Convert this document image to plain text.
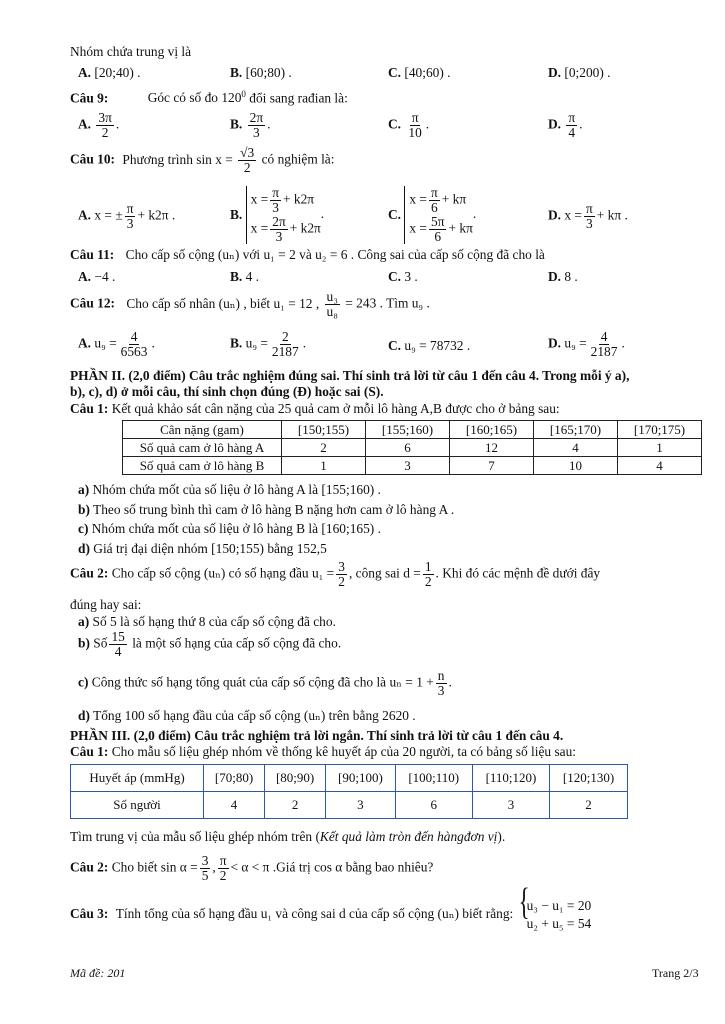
Nhóm chứa trung vị là
A. [20;40) .	B. [60;80) .	C. [40;60) .	D. [0;200) .
Câu 9:	Góc có số đo $120^0$ đổi sang rađian là:
A. $\frac{3\pi}{2}$ .	B. $\frac{2\pi}{3}$ .	C. $\frac{\pi}{10}$ .	D. $\frac{\pi}{4}$ .
Câu 10: Phương trình $\sin x = \frac{√3}{2}$ có nghiệm là:
A. x = ± $\frac{\pi}{3} + k2\pi$ .	B.
$x = \frac{\pi}{3} + k2\pi$
$x = \frac{2\pi}{3} + k2\pi$
.	C.
$x = \frac{\pi}{6} + k\pi$
$x = \frac{5\pi}{6} + k\pi$
.	D. $x = \frac{\pi}{3} + k\pi$ .
Câu 11: Cho cấp số cộng (uₙ) với u₁ = 2 và u₂ = 6 . Công sai của cấp số cộng đã cho là
A. −4 .	B. 4 .	C. 3 .	D. 8 .
Câu 12: Cho cấp số nhân (uₙ) , biết u₁ = 12 , $\frac{\text{u₃}}{\text{u₈}} = 243$ . Tìm u₉ .
A. $u_9 = \frac{4}{6563}$ .	B. $u_9 = \frac{2}{2187}$ .	C. u₉ = 78732 .	D. $u_9 = \frac{4}{2187}$ .
PHẦN II. (2,0 điểm) Câu trắc nghiệm đúng sai. Thí sinh trả lời từ câu 1 đến câu 4. Trong mỗi ý a),
b), c), d) ở mỗi câu, thí sinh chọn đúng (Đ) hoặc sai (S).
Câu 1: Kết quả khảo sát cân nặng của 25 quả cam ở mỗi lô hàng A,B được cho ở bảng sau:
Cân nặng (gam)	[150;155)	[155;160)	[160;165)	[165;170)	[170;175)
Số quả cam ở lô hàng A	2	6	12	4	1
Số quả cam ở lô hàng B	1	3	7	10	4
a) Nhóm chứa mốt của số liệu ở lô hàng A là [155;160) .
b) Theo số trung bình thì cam ở lô hàng B nặng hơn cam ở lô hàng A .
c) Nhóm chứa mốt của số liệu ở lô hàng B là [160;165) .
d) Giá trị đại diện nhóm [150;155) bằng 152,5
Câu 2: Cho cấp số cộng (uₙ) có số hạng đầu $u_1 = \frac{3}{2}$ , công sai $d = \frac{1}{2}$ . Khi đó các mệnh đề dưới đây
đúng hay sai:
a) Số 5 là số hạng thứ 8 của cấp số cộng đã cho.
b) Số $\frac{15}{4}$ là một số hạng của cấp số cộng đã cho.
c) Công thức số hạng tổng quát của cấp số cộng đã cho là $u_n = 1 + \frac{n}{3}$ .
d) Tổng 100 số hạng đầu của cấp số cộng (uₙ) trên bằng 2620 .
PHẦN III. (2,0 điểm) Câu trắc nghiệm trả lời ngắn. Thí sinh trả lời từ câu 1 đến câu 4.
Câu 1: Cho mẫu số liệu ghép nhóm về thống kê huyết áp của 20 người, ta có bảng số liệu sau:
Huyết áp (mmHg)	[70;80)	[80;90)	[90;100)	[100;110)	[110;120)	[120;130)
Số người	4	2	3	6	3	2
Tìm trung vị của mẫu số liệu ghép nhóm trên (Kết quả làm tròn đến hàngđơn vị).
Câu 2: Cho biết $\sin \alpha = \frac{3}{5}$ , $\frac{\pi}{2} < \alpha < \pi$ .Giá trị cos α bằng bao nhiêu?
Câu 3: Tính tổng của số hạng đầu u₁ và công sai d của cấp số cộng (uₙ) biết rằng:
{ u₃ − u₁ = 20
u₂ + u₅ = 54
Mã đề: 201	Trang 2/3
